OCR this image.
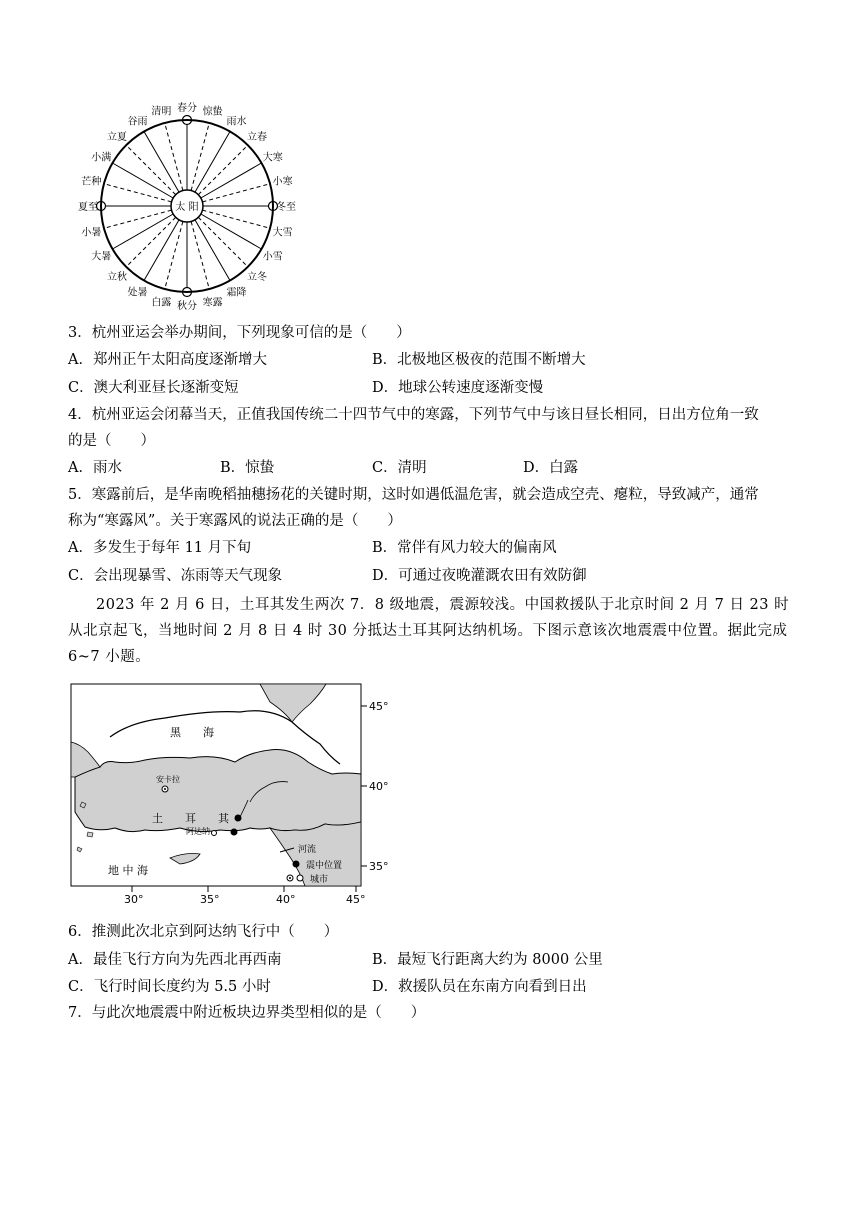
太 阳
春分 惊蛰
雨水
立春
大寒
小寒
冬至
大雪
小雪
立冬
霜降
寒露
秋分
白露
处暑
立秋
大暑
小暑
夏至
芒种
小满
立夏
谷雨
清明
3．杭州亚运会举办期间，下列现象可信的是（　　）
A．郑州正午太阳高度逐渐增大	B．北极地区极夜的范围不断增大
C．澳大利亚昼长逐渐变短	D．地球公转速度逐渐变慢
4．杭州亚运会闭幕当天，正值我国传统二十四节气中的寒露，下列节气中与该日昼长相同，日出方位角一致
的是（　　）
A．雨水	B．惊蛰	C．清明	D．白露
5．寒露前后，是华南晚稻抽穗扬花的关键时期，这时如遇低温危害，就会造成空壳、瘪粒，导致减产，通常
称为“寒露风”。关于寒露风的说法正确的是（　　）
A．多发生于每年 11 月下旬	B．常伴有风力较大的偏南风
C．会出现暴雪、冻雨等天气现象	D．可通过夜晚灌溉农田有效防御
2023 年 2 月 6 日，土耳其发生两次 7．8 级地震，震源较浅。中国救援队于北京时间 2 月 7 日 23 时从北京起飞，当地时间 2 月 8 日 4 时 30 分抵达土耳其阿达纳机场。下图示意该次地震震中位置。据此完成 6~7 小题。
黑　　海
地 中 海
土　　耳　　其
安卡拉
阿达纳
河流
震中位置
城市
45°
40°
35°
30°	35°	40°	45°
6．推测此次北京到阿达纳飞行中（　　）
A．最佳飞行方向为先西北再西南	B．最短飞行距离大约为 8000 公里
C．飞行时间长度约为 5.5 小时	D．救援队员在东南方向看到日出
7．与此次地震震中附近板块边界类型相似的是（　　）
